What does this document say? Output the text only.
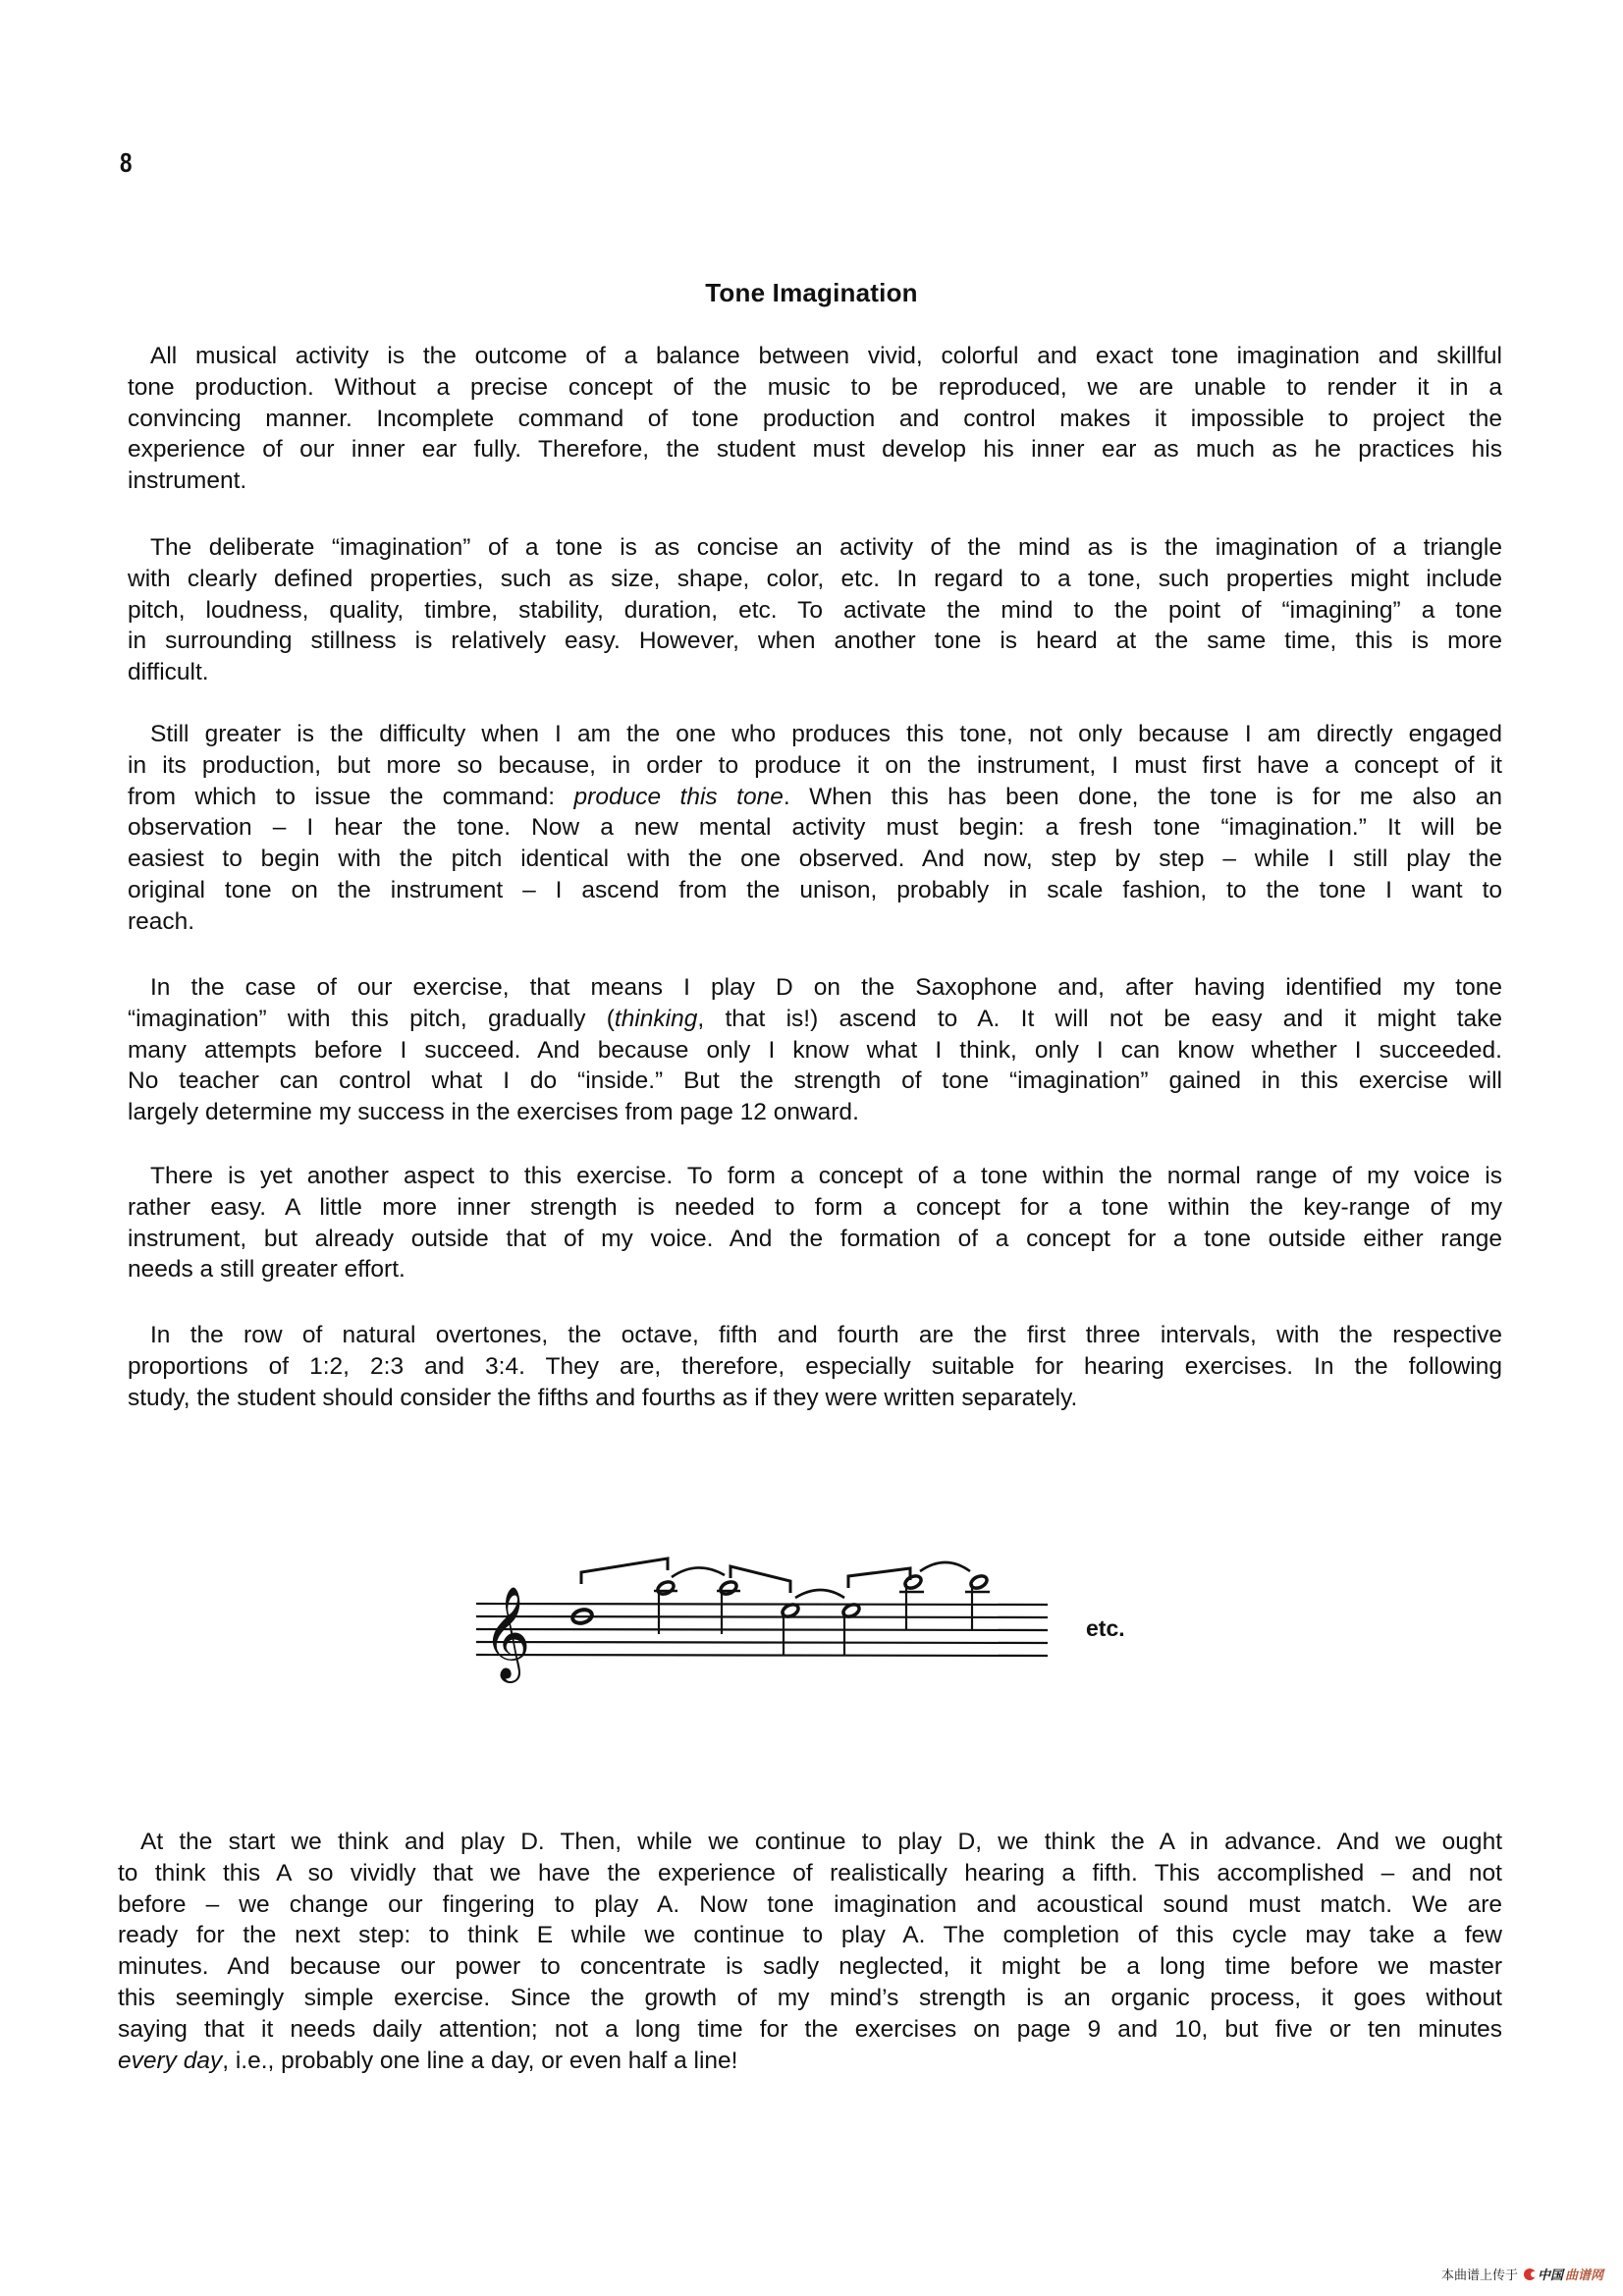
8
Tone Imagination
All musical activity is the outcome of a balance between vivid, colorful and exact tone imagination and skillful
tone production. Without a precise concept of the music to be reproduced, we are unable to render it in a
convincing manner. Incomplete command of tone production and control makes it impossible to project the
experience of our inner ear fully. Therefore, the student must develop his inner ear as much as he practices his
instrument.
The deliberate “imagination” of a tone is as concise an activity of the mind as is the imagination of a triangle
with clearly defined properties, such as size, shape, color, etc. In regard to a tone, such properties might include
pitch, loudness, quality, timbre, stability, duration, etc. To activate the mind to the point of “imagining” a tone
in surrounding stillness is relatively easy. However, when another tone is heard at the same time, this is more
difficult.
Still greater is the difficulty when I am the one who produces this tone, not only because I am directly engaged
in its production, but more so because, in order to produce it on the instrument, I must first have a concept of it
from which to issue the command: produce this tone. When this has been done, the tone is for me also an
observation – I hear the tone. Now a new mental activity must begin: a fresh tone “imagination.” It will be
easiest to begin with the pitch identical with the one observed. And now, step by step – while I still play the
original tone on the instrument – I ascend from the unison, probably in scale fashion, to the tone I want to
reach.
In the case of our exercise, that means I play D on the Saxophone and, after having identified my tone
“imagination” with this pitch, gradually (thinking, that is!) ascend to A. It will not be easy and it might take
many attempts before I succeed. And because only I know what I think, only I can know whether I succeeded.
No teacher can control what I do “inside.” But the strength of tone “imagination” gained in this exercise will
largely determine my success in the exercises from page 12 onward.
There is yet another aspect to this exercise. To form a concept of a tone within the normal range of my voice is
rather easy. A little more inner strength is needed to form a concept for a tone within the key-range of my
instrument, but already outside that of my voice. And the formation of a concept for a tone outside either range
needs a still greater effort.
In the row of natural overtones, the octave, fifth and fourth are the first three intervals, with the respective
proportions of 1:2, 2:3 and 3:4. They are, therefore, especially suitable for hearing exercises. In the following
study, the student should consider the fifths and fourths as if they were written separately.
𝄞	etc.
At the start we think and play D. Then, while we continue to play D, we think the A in advance. And we ought
to think this A so vividly that we have the experience of realistically hearing a fifth. This accomplished – and not
before – we change our fingering to play A. Now tone imagination and acoustical sound must match. We are
ready for the next step: to think E while we continue to play A. The completion of this cycle may take a few
minutes. And because our power to concentrate is sadly neglected, it might be a long time before we master
this seemingly simple exercise. Since the growth of my mind’s strength is an organic process, it goes without
saying that it needs daily attention; not a long time for the exercises on page 9 and 10, but five or ten minutes
every day, i.e., probably one line a day, or even half a line!
本曲谱上传于 中国 曲谱网
